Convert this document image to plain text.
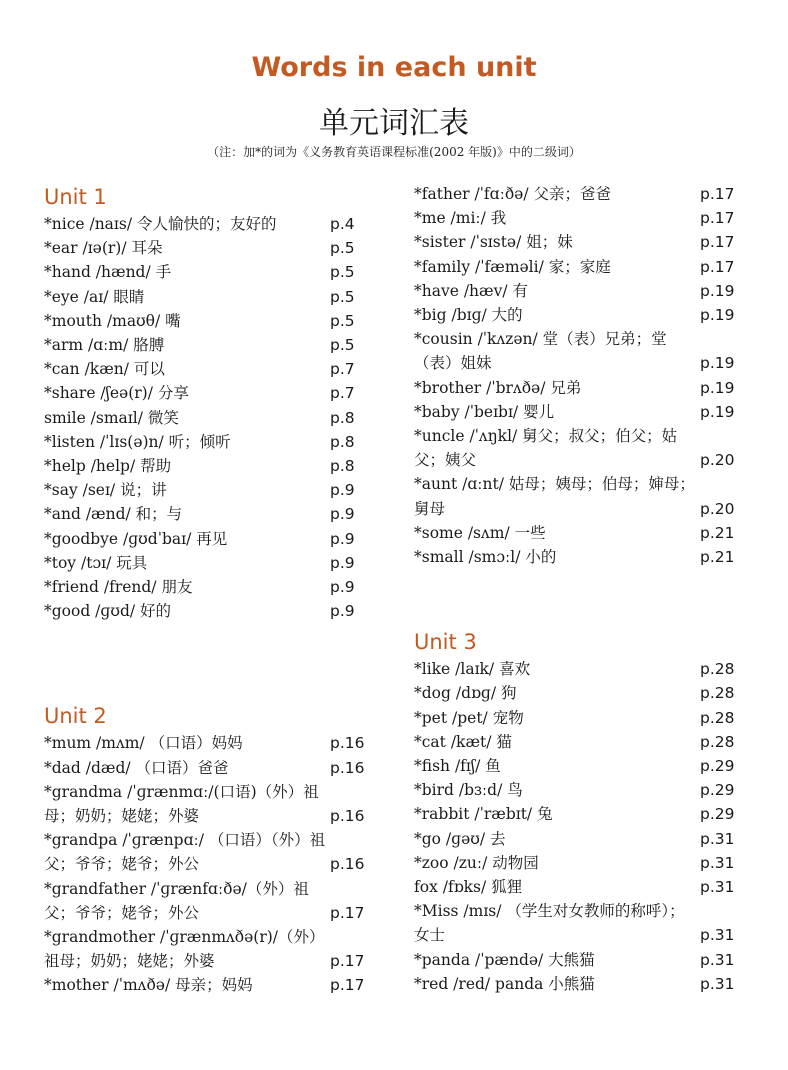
Words in each unit
单元词汇表
（注：加*的词为《义务教育英语课程标准(2002 年版)》中的二级词）
Unit 1
*nice /naɪs/ 令人愉快的；友好的	p.4
*ear /ɪə(r)/ 耳朵	p.5
*hand /hænd/ 手	p.5
*eye /aɪ/ 眼睛	p.5
*mouth /maʊθ/ 嘴	p.5
*arm /ɑːm/ 胳膊	p.5
*can /kæn/ 可以	p.7
*share /ʃeə(r)/ 分享	p.7
smile /smaɪl/ 微笑	p.8
*listen /ˈlɪs(ə)n/ 听；倾听	p.8
*help /help/ 帮助	p.8
*say /seɪ/ 说；讲	p.9
*and /ænd/ 和；与	p.9
*goodbye /ɡʊdˈbaɪ/ 再见	p.9
*toy /tɔɪ/ 玩具	p.9
*friend /frend/ 朋友	p.9
*good /ɡʊd/ 好的	p.9
Unit 2
*mum /mʌm/ （口语）妈妈	p.16
*dad /dæd/ （口语）爸爸	p.16
*grandma /ˈɡrænmɑː/(口语)（外）祖母；奶奶；姥姥；外婆	p.16
*grandpa /ˈɡrænpɑː/ （口语）（外）祖父；爷爷；姥爷；外公	p.16
*grandfather /ˈɡrænfɑːðə/（外）祖父；爷爷；姥爷；外公	p.17
*grandmother /ˈɡrænmʌðə(r)/（外）祖母；奶奶；姥姥；外婆	p.17
*mother /ˈmʌðə/ 母亲；妈妈	p.17
*father /ˈfɑːðə/ 父亲；爸爸	p.17
*me /miː/ 我	p.17
*sister /ˈsɪstə/ 姐；妹	p.17
*family /ˈfæməli/ 家；家庭	p.17
*have /hæv/ 有	p.19
*big /bɪɡ/ 大的	p.19
*cousin /ˈkʌzən/ 堂（表）兄弟；堂（表）姐妹	p.19
*brother /ˈbrʌðə/ 兄弟	p.19
*baby /ˈbeɪbɪ/ 婴儿	p.19
*uncle /ˈʌŋkl/ 舅父；叔父；伯父；姑父；姨父	p.20
*aunt /ɑːnt/ 姑母；姨母；伯母；婶母；舅母	p.20
*some /sʌm/ 一些	p.21
*small /smɔːl/ 小的	p.21
Unit 3
*like /laɪk/ 喜欢	p.28
*dog /dɒɡ/ 狗	p.28
*pet /pet/ 宠物	p.28
*cat /kæt/ 猫	p.28
*fish /fɪʃ/ 鱼	p.29
*bird /bɜːd/ 鸟	p.29
*rabbit /ˈræbɪt/ 兔	p.29
*go /ɡəʊ/ 去	p.31
*zoo /zuː/ 动物园	p.31
fox /fɒks/ 狐狸	p.31
*Miss /mɪs/ （学生对女教师的称呼）；女士	p.31
*panda /ˈpændə/ 大熊猫	p.31
*red /red/ panda 小熊猫	p.31
